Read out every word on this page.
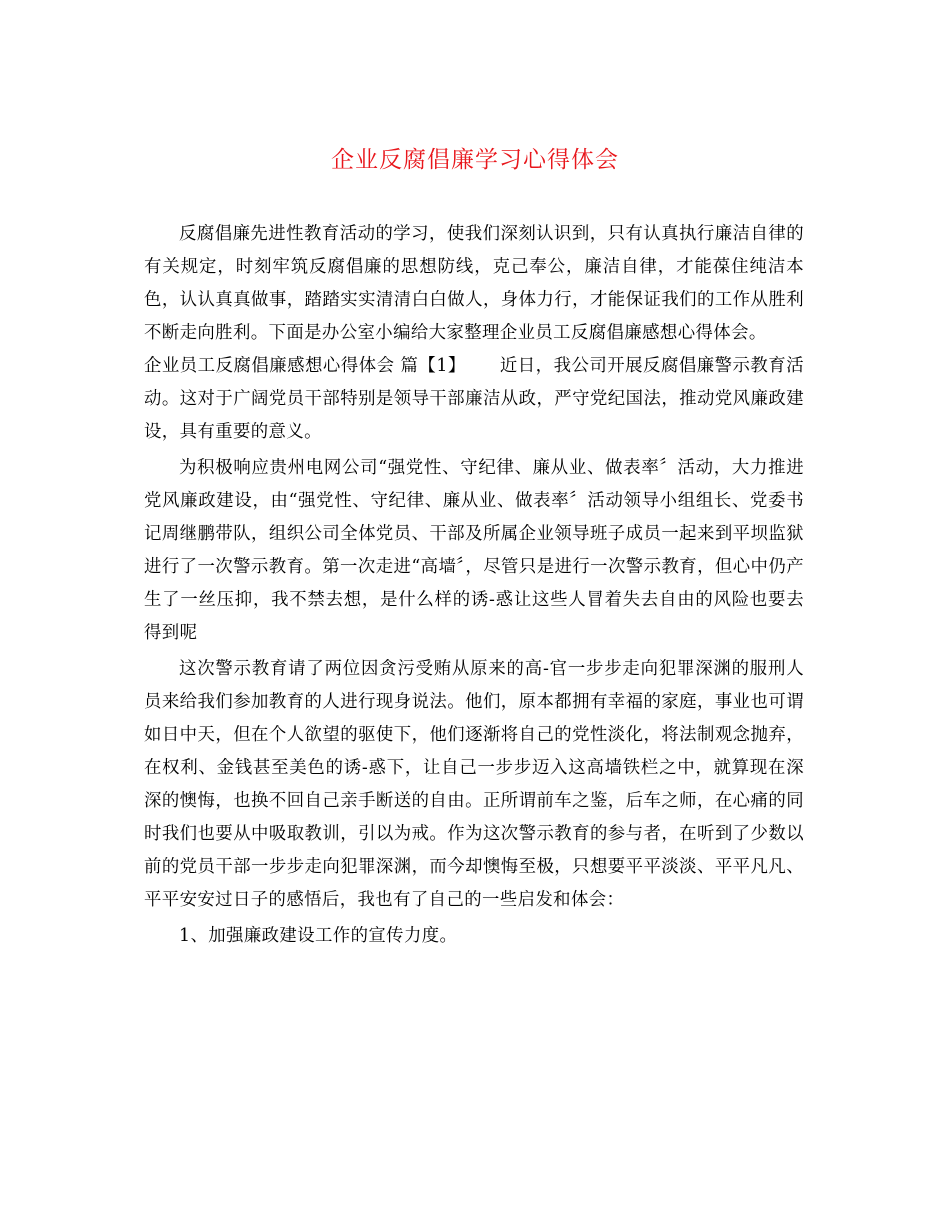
企业反腐倡廉学习心得体会

反腐倡廉先进性教育活动的学习，使我们深刻认识到，只有认真执行廉洁自律的有关规定，时刻牢筑反腐倡廉的思想防线，克己奉公，廉洁自律，才能葆住纯洁本色，认认真真做事，踏踏实实清清白白做人，身体力行，才能保证我们的工作从胜利不断走向胜利。下面是办公室小编给大家整理企业员工反腐倡廉感想心得体会。

企业员工反腐倡廉感想心得体会 篇【1】 近日，我公司开展反腐倡廉警示教育活动。这对于广阔党员干部特别是领导干部廉洁从政，严守党纪国法，推动党风廉政建设，具有重要的意义。

为积极响应贵州电网公司“强党性、守纪律、廉从业、做表率〞活动，大力推进党风廉政建设，由“强党性、守纪律、廉从业、做表率〞活动领导小组组长、党委书记周继鹏带队，组织公司全体党员、干部及所属企业领导班子成员一起来到平坝监狱进行了一次警示教育。第一次走进“高墙〞，尽管只是进行一次警示教育，但心中仍产生了一丝压抑，我不禁去想，是什么样的诱-惑让这些人冒着失去自由的风险也要去得到呢

这次警示教育请了两位因贪污受贿从原来的高-官一步步走向犯罪深渊的服刑人员来给我们参加教育的人进行现身说法。他们，原本都拥有幸福的家庭，事业也可谓如日中天，但在个人欲望的驱使下，他们逐渐将自己的党性淡化，将法制观念抛弃，在权利、金钱甚至美色的诱-惑下，让自己一步步迈入这高墙铁栏之中，就算现在深深的懊悔，也换不回自己亲手断送的自由。正所谓前车之鉴，后车之师，在心痛的同时我们也要从中吸取教训，引以为戒。作为这次警示教育的参与者，在听到了少数以前的党员干部一步步走向犯罪深渊，而今却懊悔至极，只想要平平淡淡、平平凡凡、平平安安过日子的感悟后，我也有了自己的一些启发和体会：

1、加强廉政建设工作的宣传力度。
